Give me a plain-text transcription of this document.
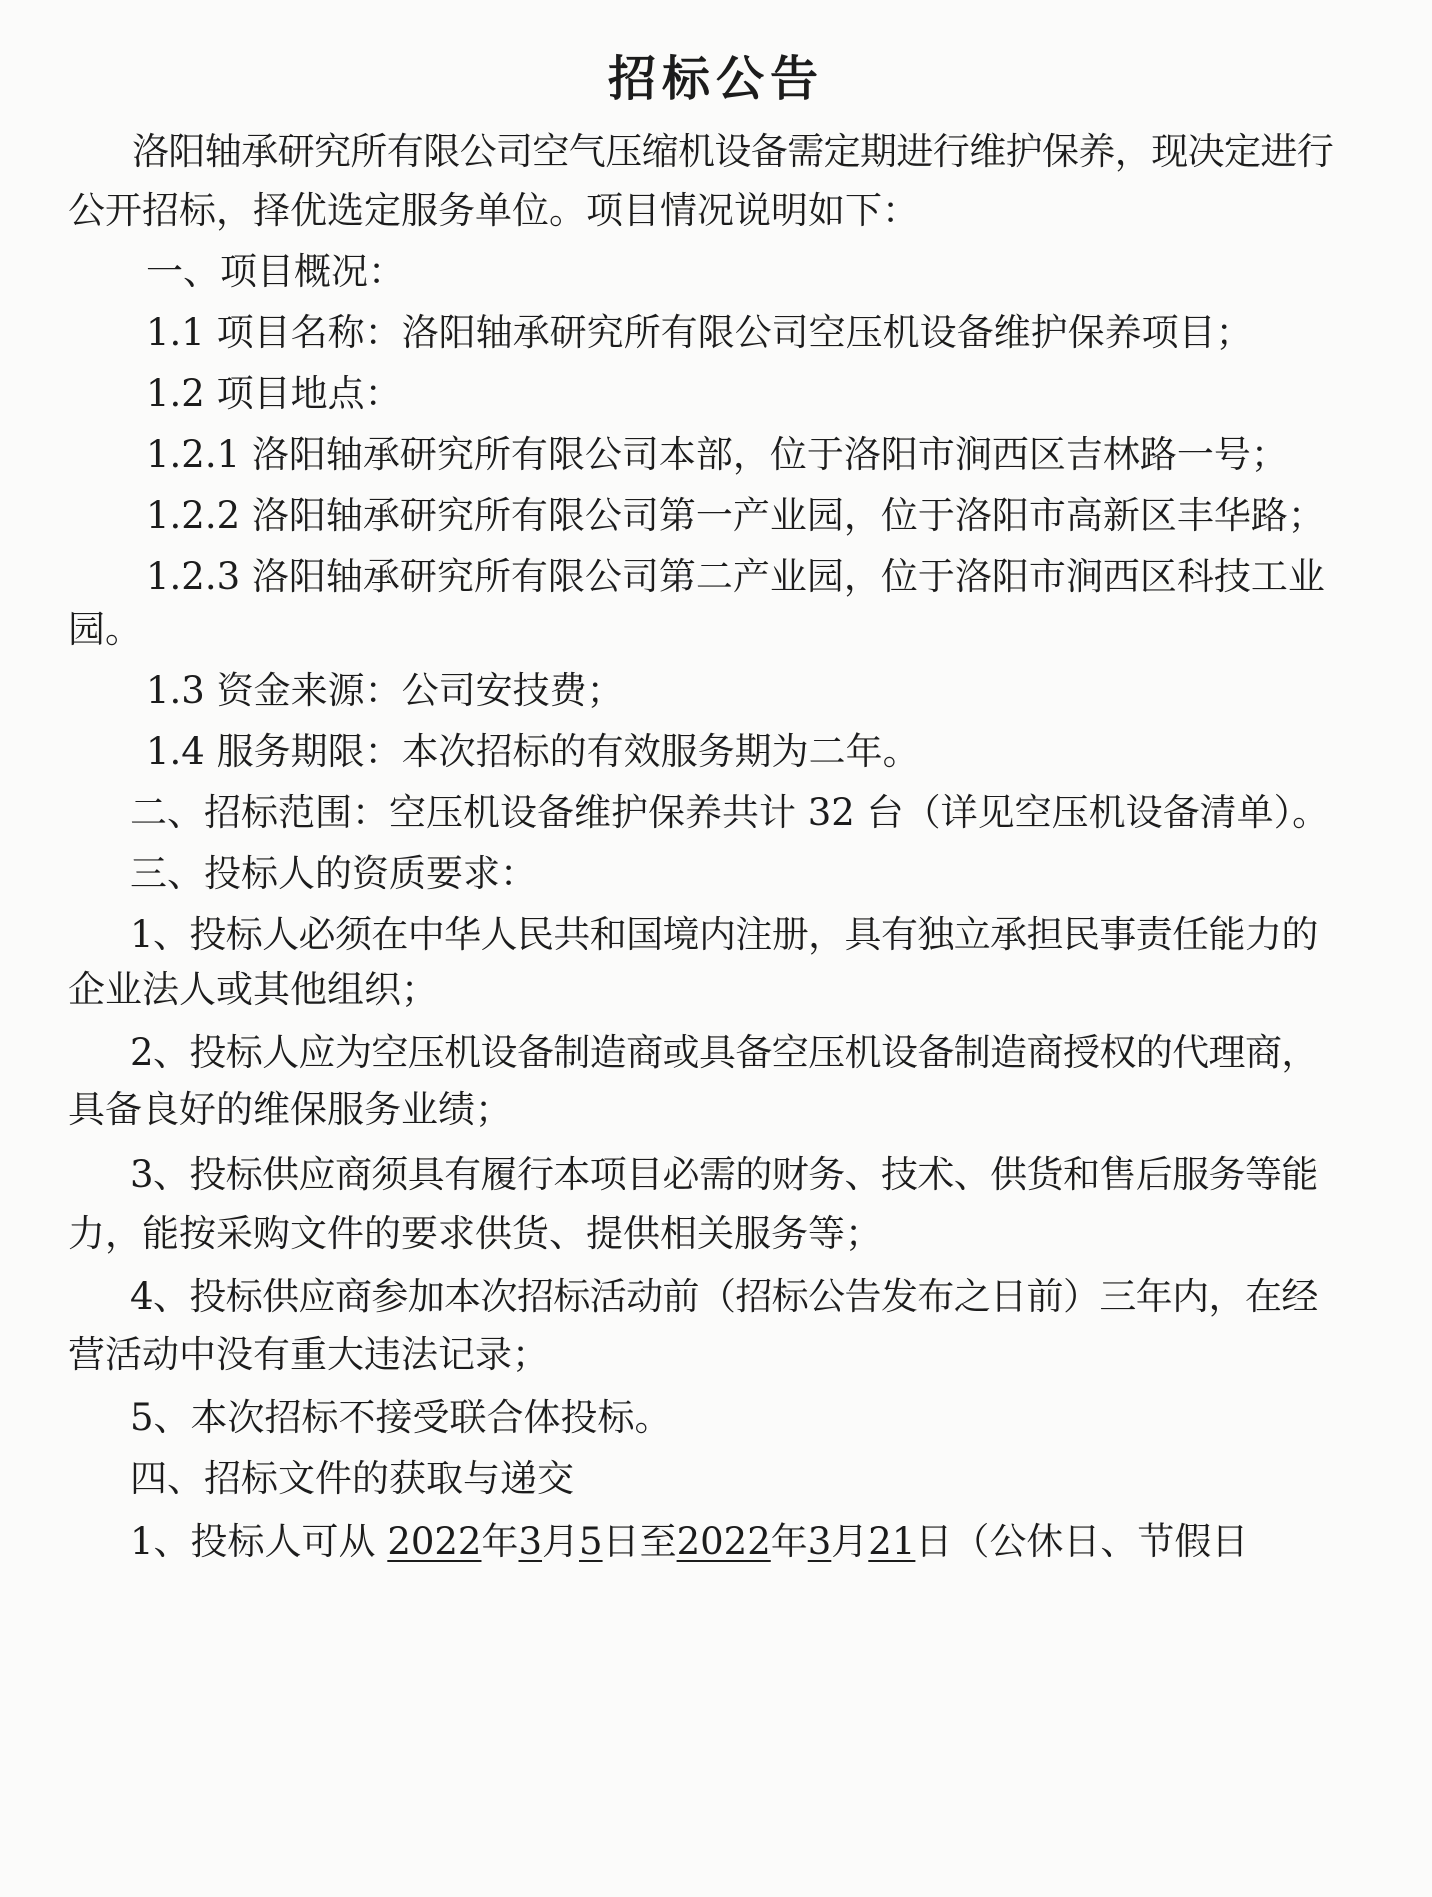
招标公告
洛阳轴承研究所有限公司空气压缩机设备需定期进行维护保养，现决定进行
公开招标，择优选定服务单位。项目情况说明如下：
一、项目概况：
1.1 项目名称：洛阳轴承研究所有限公司空压机设备维护保养项目；
1.2 项目地点：
1.2.1 洛阳轴承研究所有限公司本部，位于洛阳市涧西区吉林路一号；
1.2.2 洛阳轴承研究所有限公司第一产业园，位于洛阳市高新区丰华路；
1.2.3 洛阳轴承研究所有限公司第二产业园，位于洛阳市涧西区科技工业
园。
1.3 资金来源：公司安技费；
1.4 服务期限：本次招标的有效服务期为二年。
二、招标范围：空压机设备维护保养共计 32 台（详见空压机设备清单）。
三、投标人的资质要求：
1、投标人必须在中华人民共和国境内注册，具有独立承担民事责任能力的
企业法人或其他组织；
2、投标人应为空压机设备制造商或具备空压机设备制造商授权的代理商，
具备良好的维保服务业绩；
3、投标供应商须具有履行本项目必需的财务、技术、供货和售后服务等能
力，能按采购文件的要求供货、提供相关服务等；
4、投标供应商参加本次招标活动前（招标公告发布之日前）三年内，在经
营活动中没有重大违法记录；
5、本次招标不接受联合体投标。
四、招标文件的获取与递交
1、投标人可从 2022年3月5日至2022年3月21日（公休日、节假日
